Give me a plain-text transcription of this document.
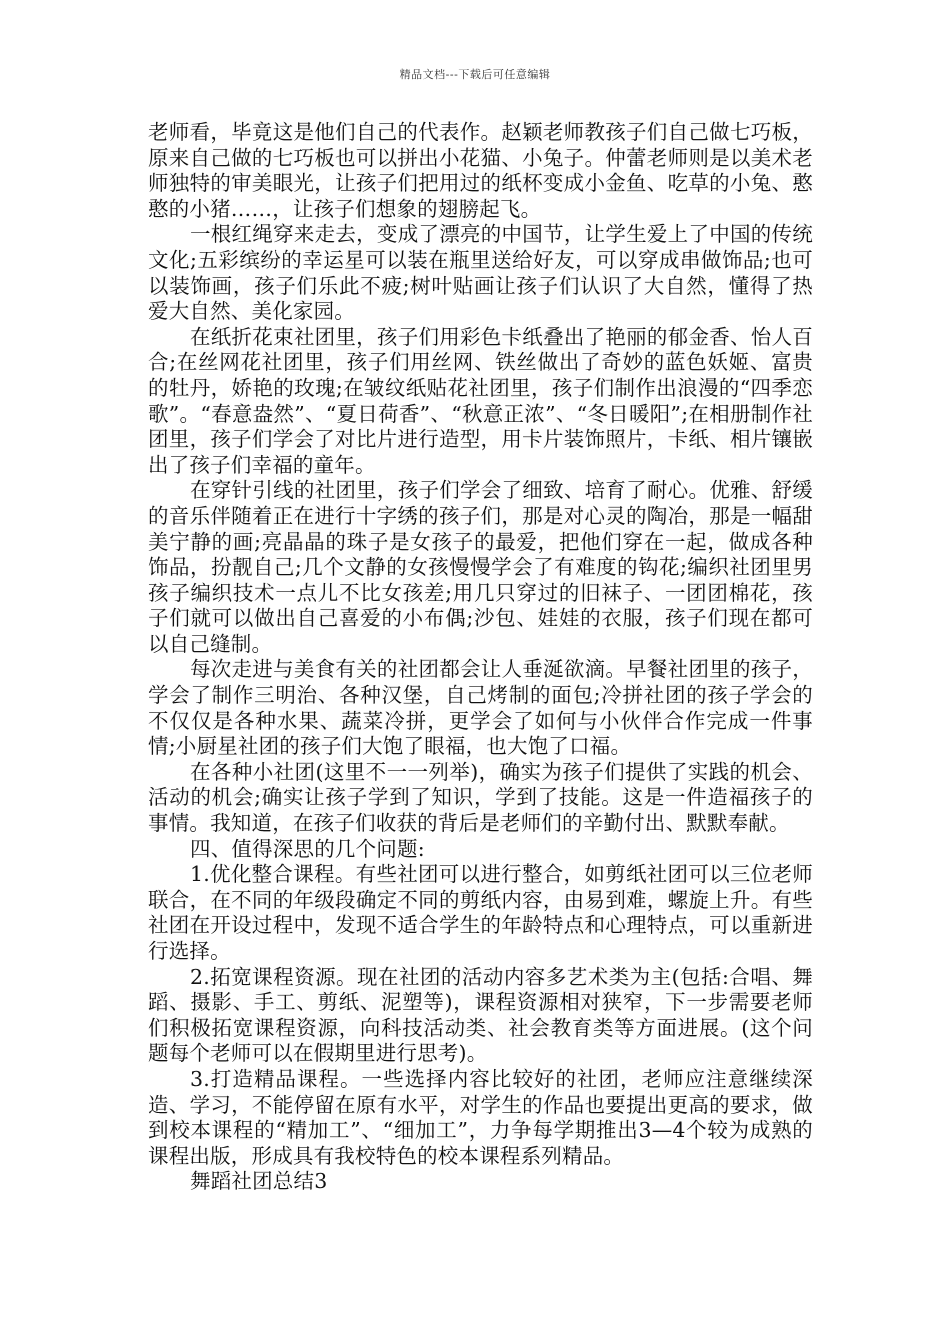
精品文档---下载后可任意编辑

老师看，毕竟这是他们自己的代表作。赵颖老师教孩子们自己做七巧板，原来自己做的七巧板也可以拼出小花猫、小兔子。仲蕾老师则是以美术老师独特的审美眼光，让孩子们把用过的纸杯变成小金鱼、吃草的小兔、憨憨的小猪……，让孩子们想象的翅膀起飞。

一根红绳穿来走去，变成了漂亮的中国节，让学生爱上了中国的传统文化;五彩缤纷的幸运星可以装在瓶里送给好友，可以穿成串做饰品;也可以装饰画，孩子们乐此不疲;树叶贴画让孩子们认识了大自然，懂得了热爱大自然、美化家园。

在纸折花束社团里，孩子们用彩色卡纸叠出了艳丽的郁金香、怡人百合;在丝网花社团里，孩子们用丝网、铁丝做出了奇妙的蓝色妖姬、富贵的牡丹，娇艳的玫瑰;在皱纹纸贴花社团里，孩子们制作出浪漫的“四季恋歌”。“春意盎然”、“夏日荷香”、“秋意正浓”、“冬日暖阳”;在相册制作社团里，孩子们学会了对比片进行造型，用卡片装饰照片，卡纸、相片镶嵌出了孩子们幸福的童年。

在穿针引线的社团里，孩子们学会了细致、培育了耐心。优雅、舒缓的音乐伴随着正在进行十字绣的孩子们，那是对心灵的陶冶，那是一幅甜美宁静的画;亮晶晶的珠子是女孩子的最爱，把他们穿在一起，做成各种饰品，扮靓自己;几个文静的女孩慢慢学会了有难度的钩花;编织社团里男孩子编织技术一点儿不比女孩差;用几只穿过的旧袜子、一团团棉花，孩子们就可以做出自己喜爱的小布偶;沙包、娃娃的衣服，孩子们现在都可以自己缝制。

每次走进与美食有关的社团都会让人垂涎欲滴。早餐社团里的孩子，学会了制作三明治、各种汉堡，自己烤制的面包;冷拼社团的孩子学会的不仅仅是各种水果、蔬菜冷拼，更学会了如何与小伙伴合作完成一件事情;小厨星社团的孩子们大饱了眼福，也大饱了口福。

在各种小社团(这里不一一列举)，确实为孩子们提供了实践的机会、活动的机会;确实让孩子学到了知识，学到了技能。这是一件造福孩子的事情。我知道，在孩子们收获的背后是老师们的辛勤付出、默默奉献。

四、值得深思的几个问题:

1.优化整合课程。有些社团可以进行整合，如剪纸社团可以三位老师联合，在不同的年级段确定不同的剪纸内容，由易到难，螺旋上升。有些社团在开设过程中，发现不适合学生的年龄特点和心理特点，可以重新进行选择。

2.拓宽课程资源。现在社团的活动内容多艺术类为主(包括:合唱、舞蹈、摄影、手工、剪纸、泥塑等)，课程资源相对狭窄，下一步需要老师们积极拓宽课程资源，向科技活动类、社会教育类等方面进展。(这个问题每个老师可以在假期里进行思考)。

3.打造精品课程。一些选择内容比较好的社团，老师应注意继续深造、学习，不能停留在原有水平，对学生的作品也要提出更高的要求，做到校本课程的“精加工”、“细加工”，力争每学期推出3—4个较为成熟的课程出版，形成具有我校特色的校本课程系列精品。

舞蹈社团总结3
